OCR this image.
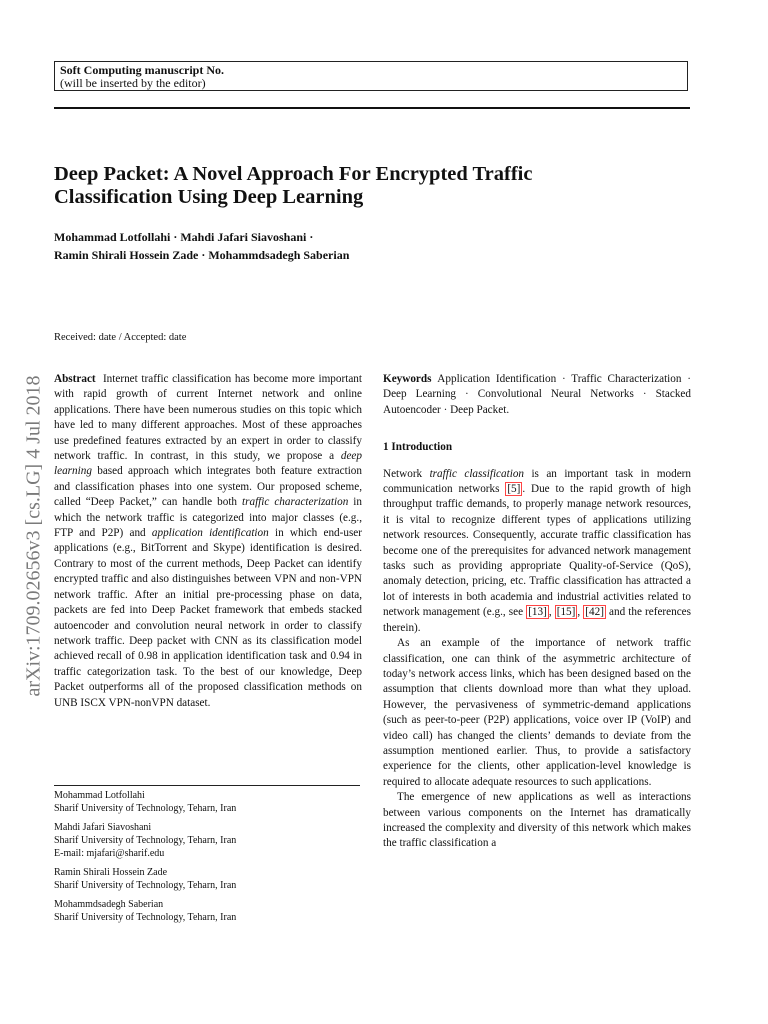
Soft Computing manuscript No.
(will be inserted by the editor)
Deep Packet: A Novel Approach For Encrypted Traffic
Classification Using Deep Learning
Mohammad Lotfollahi · Mahdi Jafari Siavoshani ·
Ramin Shirali Hossein Zade · Mohammdsadegh Saberian
Received: date / Accepted: date
arXiv:1709.02656v3 [cs.LG] 4 Jul 2018 Abstract Internet traffic classification has become more important with rapid growth of current Internet network and online applications. There have been numerous studies on this topic which have led to many different approaches. Most of these approaches use predefined features extracted by an expert in order to classify network traffic. In contrast, in this study, we propose a deep learning based approach which integrates both feature extraction and classification phases into one system. Our proposed scheme, called “Deep Packet,” can handle both traffic characterization in which the network traffic is categorized into major classes (e.g., FTP and P2P) and application identification in which end-user applications (e.g., BitTorrent and Skype) identification is desired. Contrary to most of the current methods, Deep Packet can identify encrypted traffic and also distinguishes between VPN and non-VPN network traffic. After an initial pre-processing phase on data, packets are fed into Deep Packet framework that embeds stacked autoencoder and convolution neural network in order to classify network traffic. Deep packet with CNN as its classification model achieved recall of 0.98 in application identification task and 0.94 in traffic categorization task. To the best of our knowledge, Deep Packet outperforms all of the proposed classification methods on UNB ISCX VPN-nonVPN dataset.

Mohammad Lotfollahi
Sharif University of Technology, Teharn, Iran
Mahdi Jafari Siavoshani
Sharif University of Technology, Teharn, Iran
E-mail: mjafari@sharif.edu
Ramin Shirali Hossein Zade
Sharif University of Technology, Teharn, Iran
Mohammdsadegh Saberian
Sharif University of Technology, Teharn, Iran

Keywords Application Identification · Traffic Characterization · Deep Learning · Convolutional Neural Networks · Stacked Autoencoder · Deep Packet.

1 Introduction

Network traffic classification is an important task in modern communication networks [5] . Due to the rapid growth of high throughput traffic demands, to properly manage network resources, it is vital to recognize different types of applications utilizing network resources. Consequently, accurate traffic classification has become one of the prerequisites for advanced network management tasks such as providing appropriate Quality-of-Service (QoS), anomaly detection, pricing, etc. Traffic classification has attracted a lot of interests in both academia and industrial activities related to network management (e.g., see [13] , [15] , [42] and the references therein).

As an example of the importance of network traffic classification, one can think of the asymmetric architecture of today’s network access links, which has been designed based on the assumption that clients download more than what they upload. However, the pervasiveness of symmetric-demand applications (such as peer-to-peer (P2P) applications, voice over IP (VoIP) and video call) has changed the clients’ demands to deviate from the assumption mentioned earlier. Thus, to provide a satisfactory experience for the clients, other application-level knowledge is required to allocate adequate resources to such applications.

The emergence of new applications as well as interactions between various components on the Internet has dramatically increased the complexity and diversity of this network which makes the traffic classification a
